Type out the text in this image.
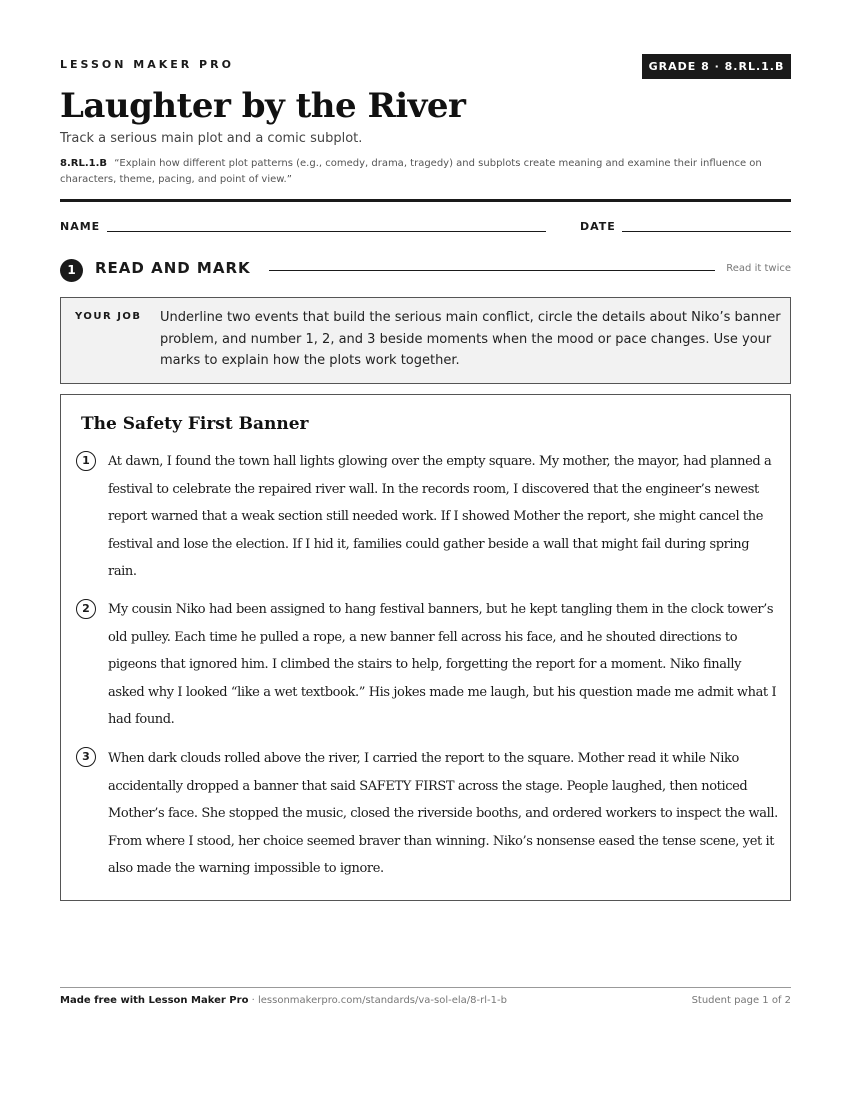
LESSON MAKER PRO	GRADE 8 · 8.RL.1.B
Laughter by the River
Track a serious main plot and a comic subplot.
8.RL.1.B “Explain how different plot patterns (e.g., comedy, drama, tragedy) and subplots create meaning and examine their influence on characters, theme, pacing, and point of view.”
NAME	DATE
1	READ AND MARK	Read it twice
YOUR JOB Underline two events that build the serious main conflict, circle the details about Niko’s banner problem, and number 1, 2, and 3 beside moments when the mood or pace changes. Use your marks to explain how the plots work together.
The Safety First Banner
1	At dawn, I found the town hall lights glowing over the empty square. My mother, the mayor, had planned a festival to celebrate the repaired river wall. In the records room, I discovered that the engineer’s newest report warned that a weak section still needed work. If I showed Mother the report, she might cancel the festival and lose the election. If I hid it, families could gather beside a wall that might fail during spring rain.

2	My cousin Niko had been assigned to hang festival banners, but he kept tangling them in the clock tower’s old pulley. Each time he pulled a rope, a new banner fell across his face, and he shouted directions to pigeons that ignored him. I climbed the stairs to help, forgetting the report for a moment. Niko finally asked why I looked “like a wet textbook.” His jokes made me laugh, but his question made me admit what I had found.

3	When dark clouds rolled above the river, I carried the report to the square. Mother read it while Niko accidentally dropped a banner that said SAFETY FIRST across the stage. People laughed, then noticed Mother’s face. She stopped the music, closed the riverside booths, and ordered workers to inspect the wall. From where I stood, her choice seemed braver than winning. Niko’s nonsense eased the tense scene, yet it also made the warning impossible to ignore.

Made free with Lesson Maker Pro · lessonmakerpro.com/standards/va-sol-ela/8-rl-1-b	Student page 1 of 2
